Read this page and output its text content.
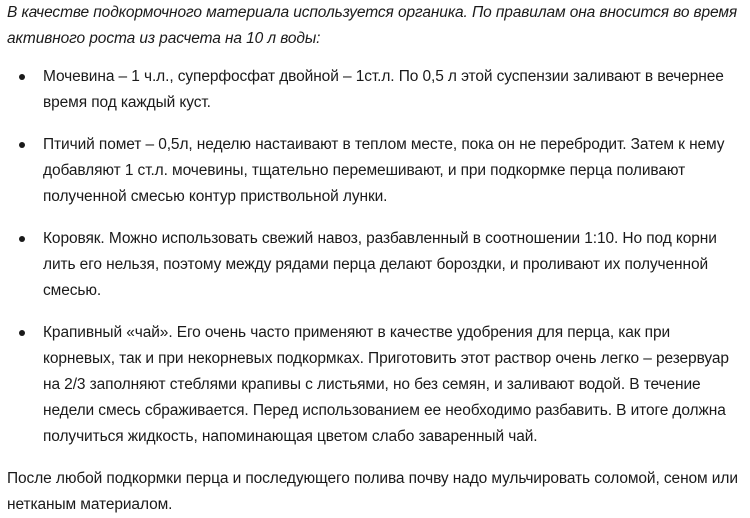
В качестве подкормочного материала используется органика. По правилам она вносится во время активного роста из расчета на 10 л воды:

Мочевина – 1 ч.л., суперфосфат двойной – 1ст.л. По 0,5 л этой суспензии заливают в вечернее время под каждый куст.
Птичий помет – 0,5л, неделю настаивают в теплом месте, пока он не перебродит. Затем к нему добавляют 1 ст.л. мочевины, тщательно перемешивают, и при подкормке перца поливают полученной смесью контур приствольной лунки.
Коровяк. Можно использовать свежий навоз, разбавленный в соотношении 1:10. Но под корни лить его нельзя, поэтому между рядами перца делают бороздки, и проливают их полученной смесью.
Крапивный «чай». Его очень часто применяют в качестве удобрения для перца, как при корневых, так и при некорневых подкормках. Приготовить этот раствор очень легко – резервуар на 2/3 заполняют стеблями крапивы с листьями, но без семян, и заливают водой. В течение недели смесь сбраживается. Перед использованием ее необходимо разбавить. В итоге должна получиться жидкость, напоминающая цветом слабо заваренный чай.

После любой подкормки перца и последующего полива почву надо мульчировать соломой, сеном или нетканым материалом.
